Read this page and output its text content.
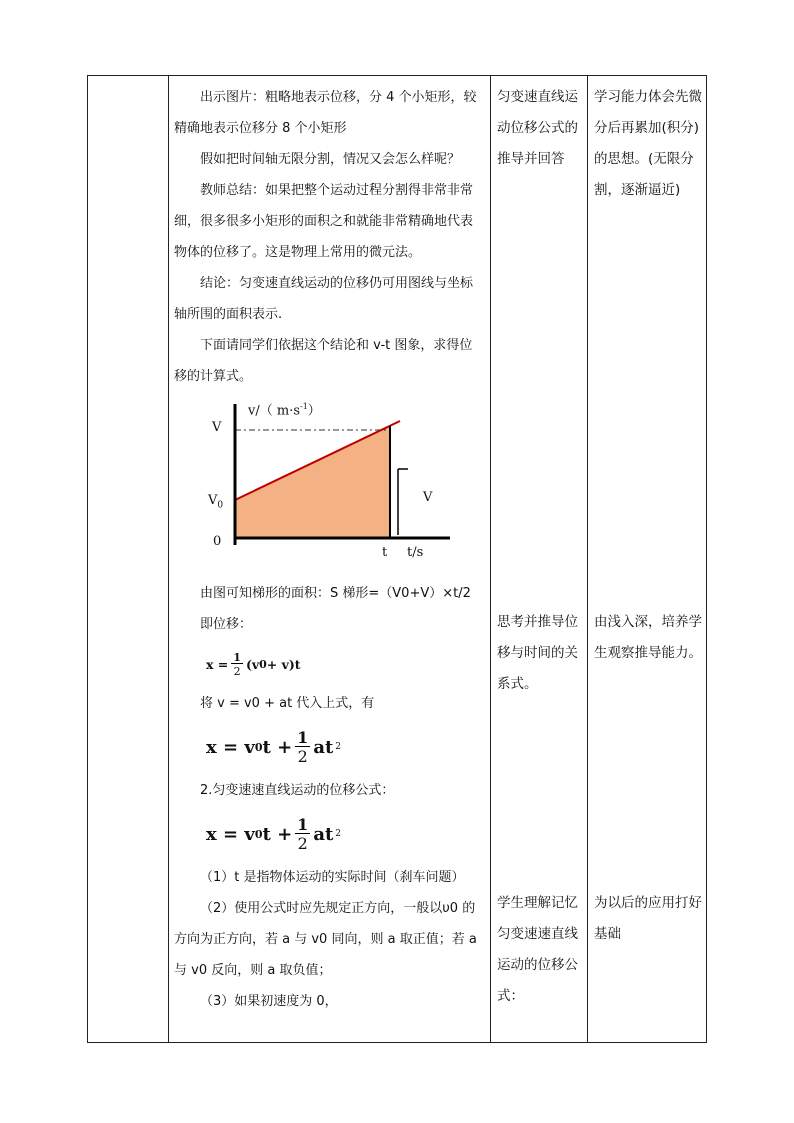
出示图片：粗略地表示位移，分 4 个小矩形，较精确地表示位移分 8 个小矩形

假如把时间轴无限分割，情况又会怎么样呢？

教师总结：如果把整个运动过程分割得非常非常细，很多很多小矩形的面积之和就能非常精确地代表物体的位移了。这是物理上常用的微元法。

结论：匀变速直线运动的位移仍可用图线与坐标轴所围的面积表示.

下面请同学们依据这个结论和 v-t 图象，求得位移的计算式。

v/（ $m\cdot s^{-1}$）
V
$V_0$
0
t t/s
V

由图可知梯形的面积：S 梯形=（V0+V）×t/2

即位移：

$x = \frac{1}{2} (v$ 0 + v)t

将 v = v0 + at 代入上式，有

x =
v 0 $t + \frac{1}{2}$ at 2

2.匀变速速直线运动的位移公式：

x =
v 0 $t + \frac{1}{2}$ at 2

（1）t 是指物体运动的实际时间（刹车问题）

（2）使用公式时应先规定正方向，一般以υ0 的方向为正方向，若 a 与 v0 同向，则 a 取正值；若 a 与 v0 反向，则 a 取负值；

（3）如果初速度为 0，

匀变速直线运动位移公式的推导并回答
思考并推导位移与时间的关系式。
学生理解记忆匀变速速直线运动的位移公式：
学习能力体会先微分后再累加(积分)的思想。(无限分割，逐渐逼近)
由浅入深，培养学生观察推导能力。
为以后的应用打好基础
